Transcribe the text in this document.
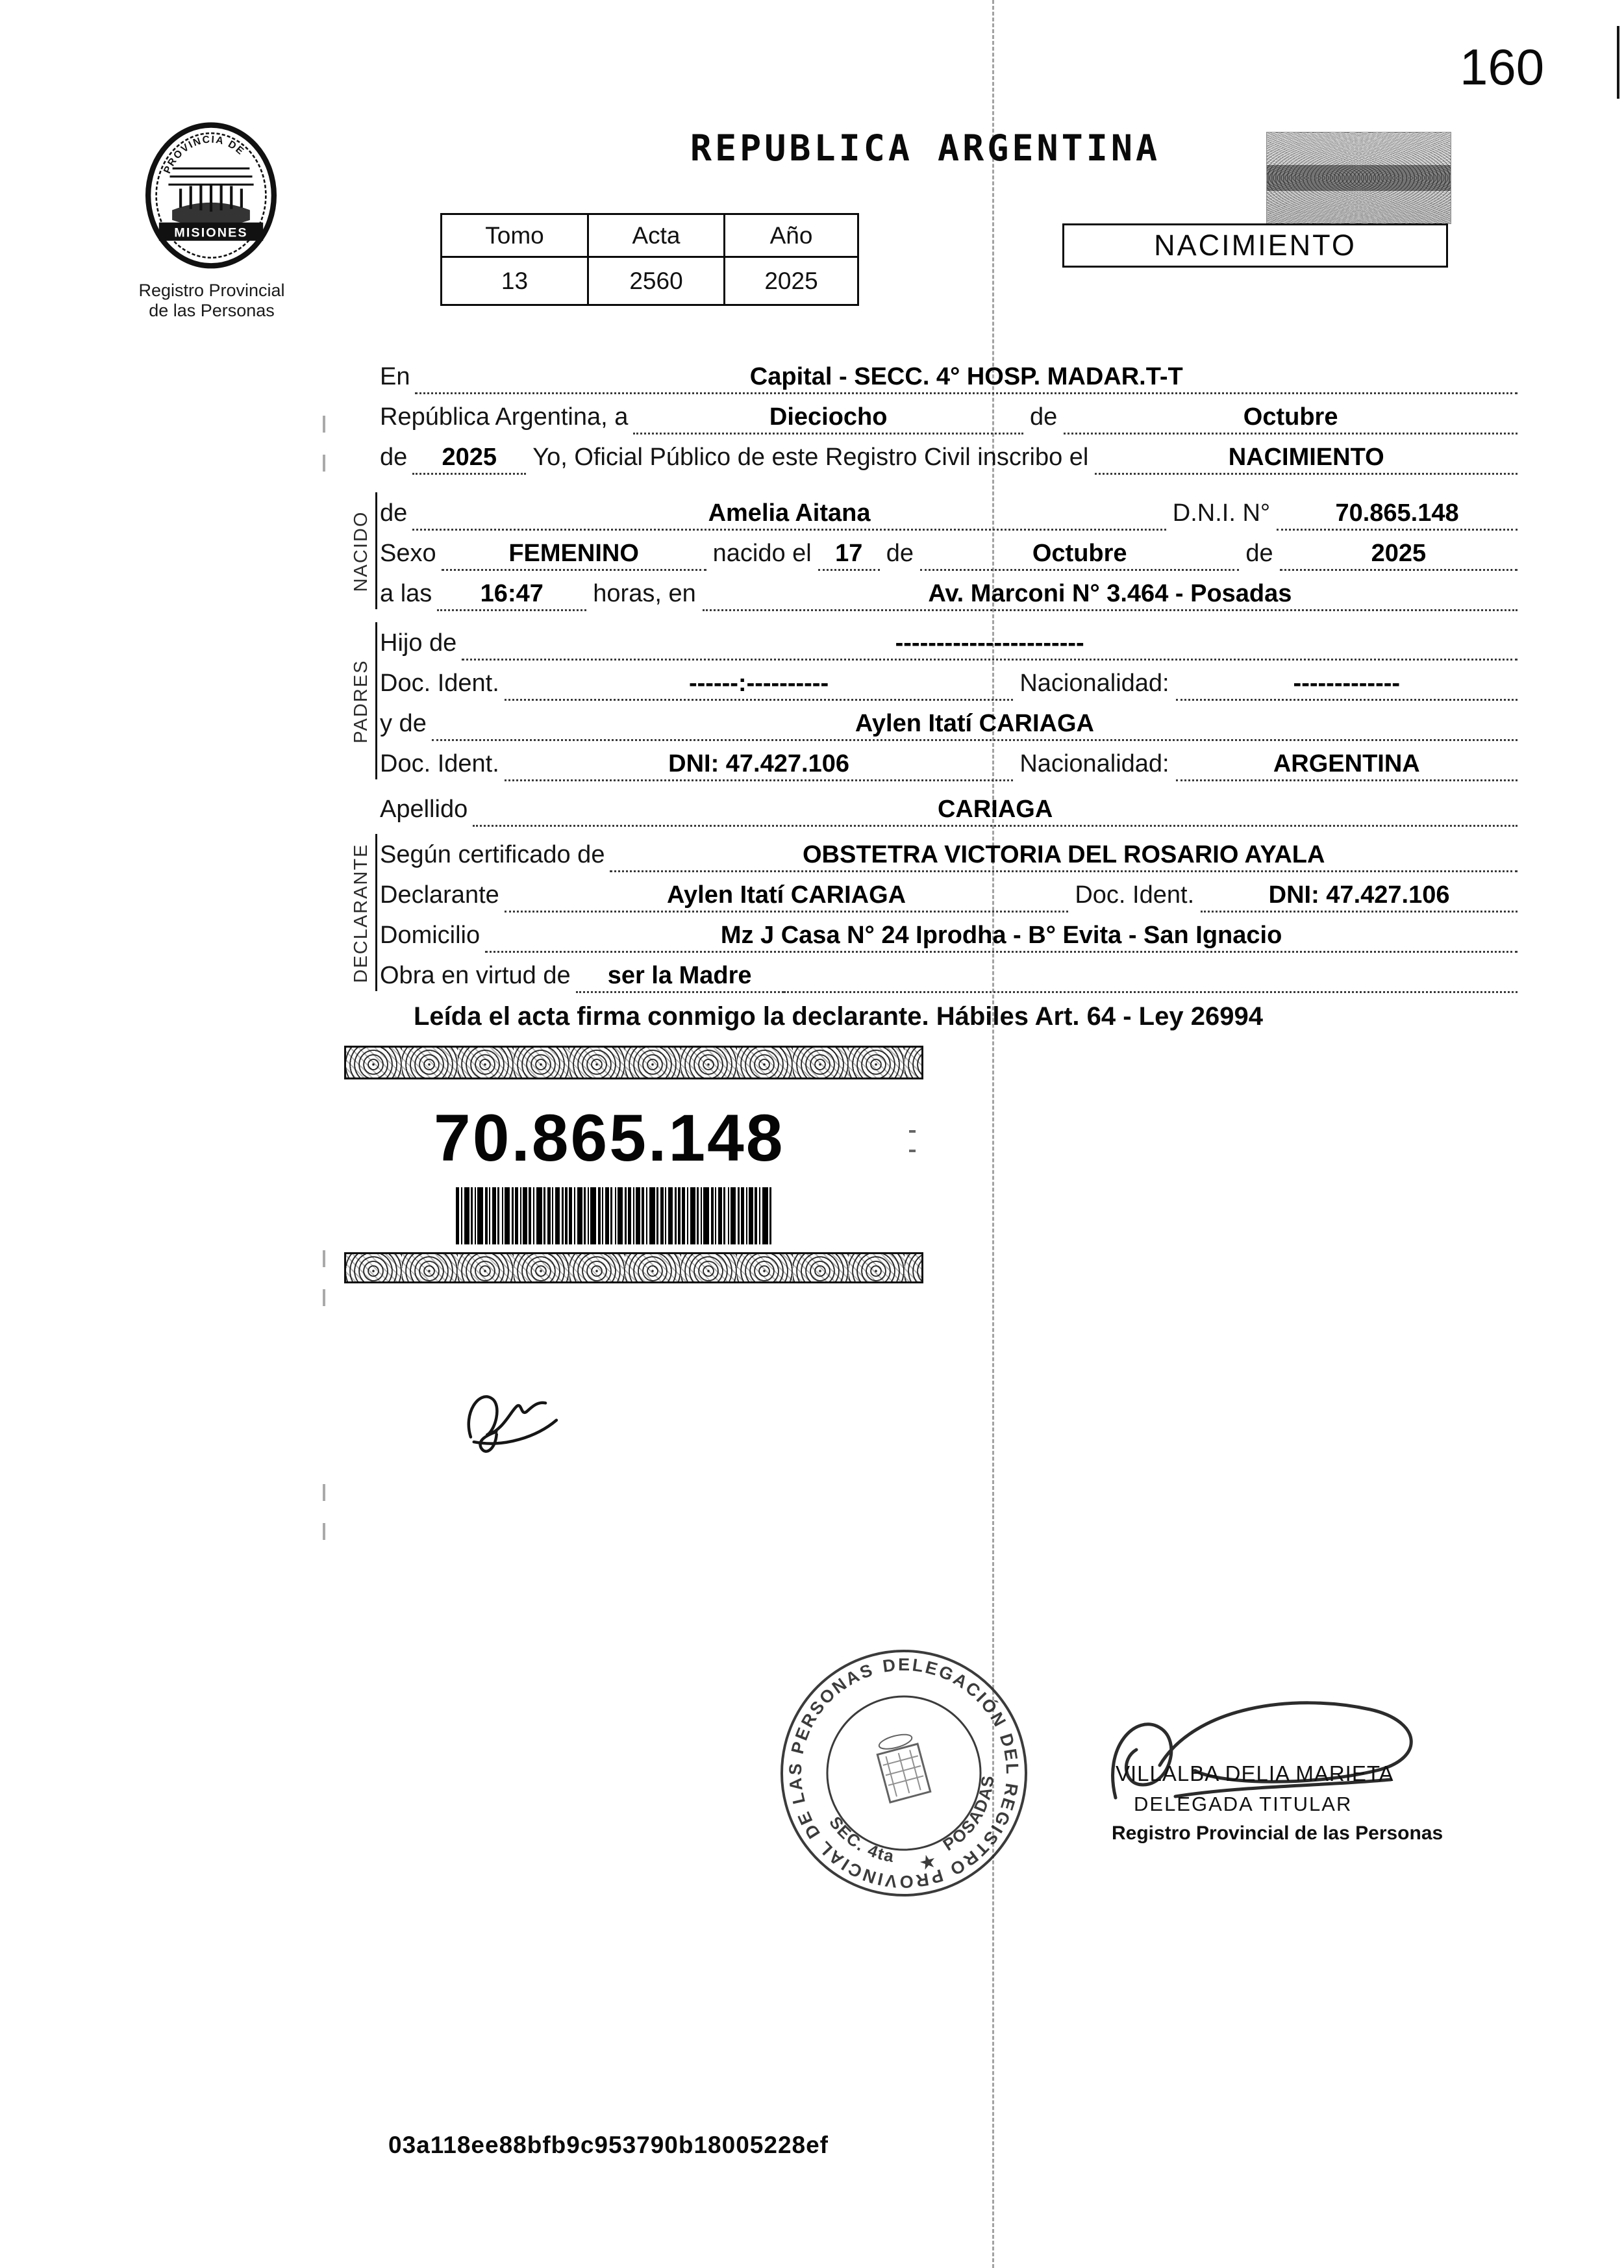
160
PROVINCIA DE
MISIONES
Registro Provincial
de las Personas
REPUBLICA ARGENTINA
Tomo	Acta	Año
13	2560	2025
NACIMIENTO
NACIDO
PADRES
DECLARANTE
En	Capital - SECC. 4° HOSP. MADAR.T-T
República Argentina, a	Dieciocho	de	Octubre
de	2025	Yo, Oficial Público de este Registro Civil inscribo el	NACIMIENTO
de	Amelia Aitana	D.N.I. N°	70.865.148
Sexo	FEMENINO	nacido el 17 de	Octubre	de	2025
a las	16:47	horas, en	Av. Marconi N° 3.464 - Posadas
Hijo de	-----------------------
Doc. Ident.	------:----------	Nacionalidad:	-------------
y de	Aylen Itatí CARIAGA
Doc. Ident.	DNI: 47.427.106	Nacionalidad:	ARGENTINA
Apellido	CARIAGA
Según certificado de	OBSTETRA VICTORIA DEL ROSARIO AYALA
Declarante	Aylen Itatí CARIAGA	Doc. Ident.	DNI: 47.427.106
Domicilio	Mz J Casa N° 24 Iprodha - B° Evita - San Ignacio
Obra en virtud de	ser la Madre
Leída el acta firma conmigo la declarante. Hábiles Art. 64 - Ley 26994
70.865.148
DELEGACIÓN DEL REGISTRO PROVINCIAL DE LAS PERSONAS
SEC. 4ta
POSADAS
★
VILLALBA DELIA MARIETA
DELEGADA TITULAR
Registro Provincial de las Personas
03a118ee88bfb9c953790b18005228ef
